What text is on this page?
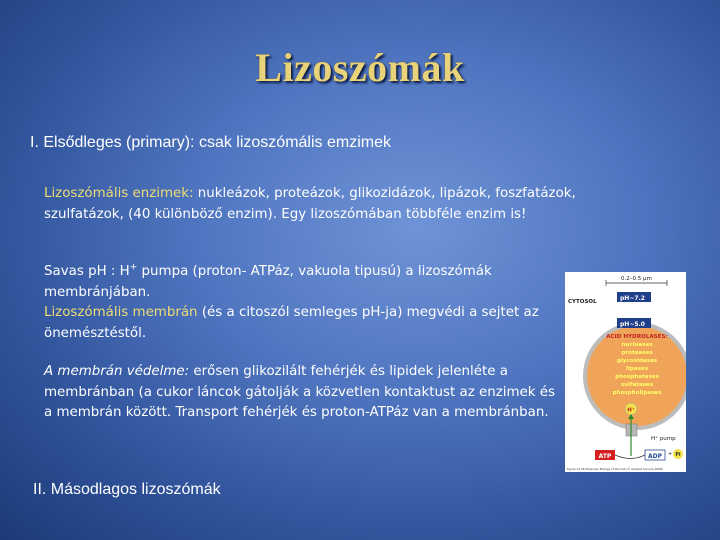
Lizoszómák
I. Elsődleges (primary): csak lizoszómális emzimek

Lizoszómális enzimek: nukleázok, proteázok, glikozidázok, lipázok, foszfatázok, szulfatázok, (40 különböző enzim). Egy lizoszómában többféle enzim is!

Savas pH : H+ pumpa (proton- ATPáz, vakuola tipusú) a lizoszómák membránjában.
Lizoszómális membrán (és a citoszól semleges pH-ja) megvédi a sejtet az önemésztéstől.

A membrán védelme: erősen glikozilált fehérjék és lipidek jelenléte a membránban (a cukor láncok gátolják a közvetlen kontaktust az enzimek és a membrán között. Transport fehérjék és proton-ATPáz van a membránban.

II. Másodlagos lizoszómák
0.2–0.5 μm
CYTOSOL	pH~7.2
pH~5.0
ACID HYDROLASES:
nucleases
proteases
glycosidases
lipases
phosphatases
sulfatases
phospholipases
H⁺
H⁺ pump
ATP	ADP + Pi
Figure 13-36 Molecular Biology of the Cell (© Garland Science 2008)
